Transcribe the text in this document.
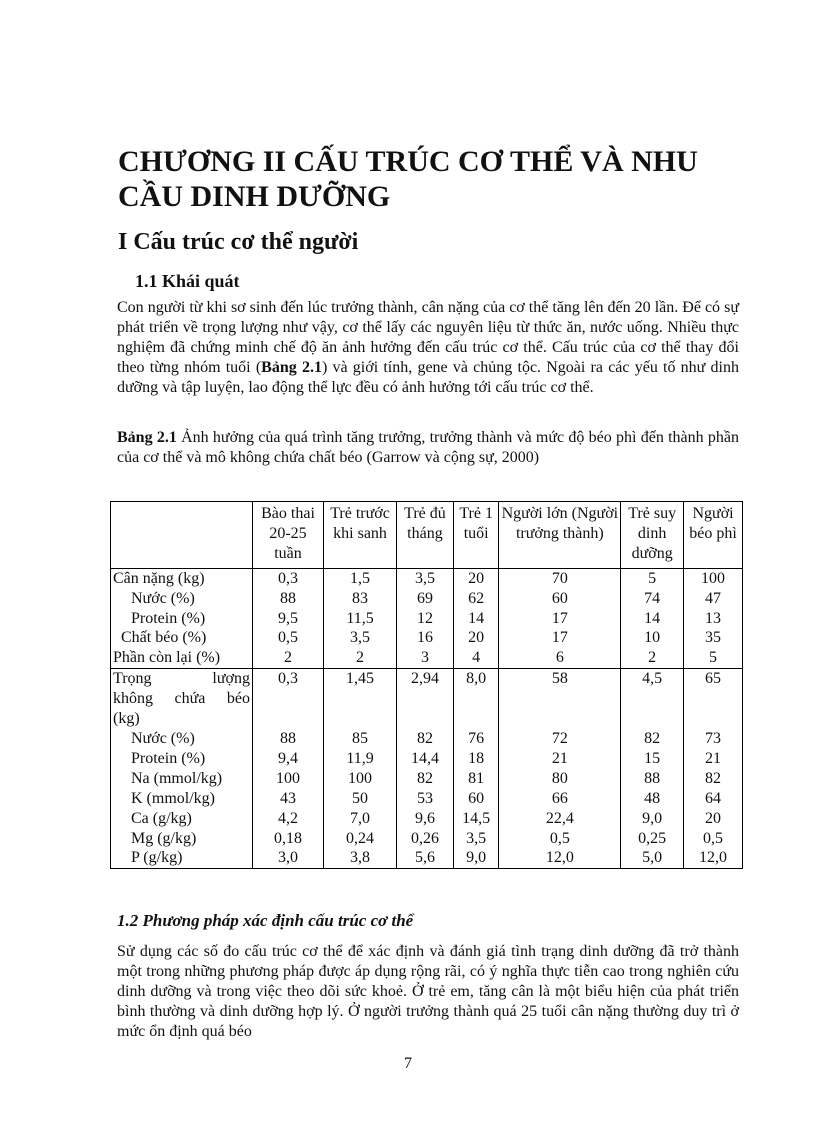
CHƯƠNG II CẤU TRÚC CƠ THỂ VÀ NHU CẦU DINH DƯỠNG
I Cấu trúc cơ thể người
1.1 Khái quát

Con người từ khi sơ sinh đến lúc trưởng thành, cân nặng của cơ thể tăng lên đến 20 lần. Để có sự phát triển về trọng lượng như vậy, cơ thể lấy các nguyên liệu từ thức ăn, nước uống. Nhiều thực nghiệm đã chứng minh chế độ ăn ảnh hưởng đến cấu trúc cơ thể. Cấu trúc của cơ thể thay đổi theo từng nhóm tuổi (Bảng 2.1) và giới tính, gene và chủng tộc. Ngoài ra các yếu tố như dinh dưỡng và tập luyện, lao động thể lực đều có ảnh hưởng tới cấu trúc cơ thể.

Bảng 2.1 Ảnh hưởng của quá trình tăng trưởng, trưởng thành và mức độ béo phì đến thành phần của cơ thể và mô không chứa chất béo (Garrow và cộng sự, 2000)

	Bào thai 20-25 tuần	Trẻ trước khi sanh	Trẻ đủ tháng	Trẻ 1 tuổi	Người lớn (Người trưởng thành)	Trẻ suy dinh dưỡng	Người béo phì
Cân nặng (kg)	0,3	1,5	3,5	20	70	5	100
Nước (%)	88	83	69	62	60	74	47
Protein (%)	9,5	11,5	12	14	17	14	13
Chất béo (%)	0,5	3,5	16	20	17	10	35
Phần còn lại (%)	2	2	3	4	6	2	5

Trọng lượng
không chứa béo
(kg)	0,3	1,45	2,94	8,0	58	4,5	65
Nước (%)	88	85	82	76	72	82	73
Protein (%)	9,4	11,9	14,4	18	21	15	21
Na (mmol/kg)	100	100	82	81	80	88	82
K (mmol/kg)	43	50	53	60	66	48	64
Ca (g/kg)	4,2	7,0	9,6	14,5	22,4	9,0	20
Mg (g/kg)	0,18	0,24	0,26	3,5	0,5	0,25	0,5
P (g/kg)	3,0	3,8	5,6	9,0	12,0	5,0	12,0
1.2 Phương pháp xác định cấu trúc cơ thể

Sử dụng các số đo cấu trúc cơ thể để xác định và đánh giá tình trạng dinh dưỡng đã trở thành một trong những phương pháp được áp dụng rộng rãi, có ý nghĩa thực tiễn cao trong nghiên cứu dinh dưỡng và trong việc theo dõi sức khoẻ. Ở trẻ em, tăng cân là một biểu hiện của phát triển bình thường và dinh dưỡng hợp lý. Ở người trưởng thành quá 25 tuổi cân nặng thường duy trì ở mức ổn định quá béo

7
